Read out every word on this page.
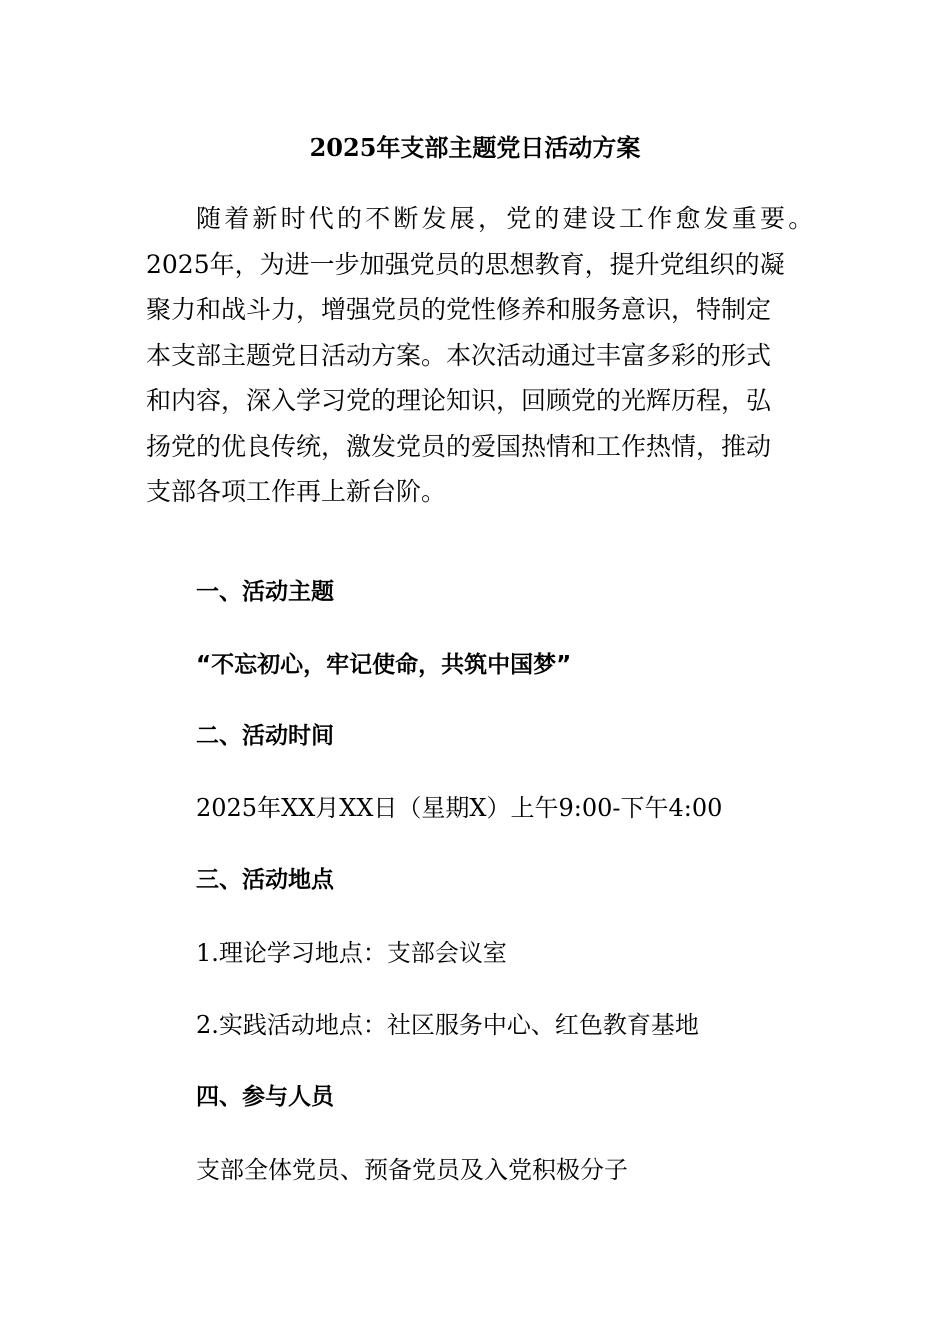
2025年支部主题党日活动方案

随着新时代的不断发展，党的建设工作愈发重要。
2025年，为进一步加强党员的思想教育，提升党组织的凝
聚力和战斗力，增强党员的党性修养和服务意识，特制定
本支部主题党日活动方案。本次活动通过丰富多彩的形式
和内容，深入学习党的理论知识，回顾党的光辉历程，弘
扬党的优良传统，激发党员的爱国热情和工作热情，推动
支部各项工作再上新台阶。

一、活动主题
“不忘初心，牢记使命，共筑中国梦”
二、活动时间
2025年XX月XX日（星期X）上午9:00-下午4:00
三、活动地点
1.理论学习地点：支部会议室
2.实践活动地点：社区服务中心、红色教育基地
四、参与人员
支部全体党员、预备党员及入党积极分子
